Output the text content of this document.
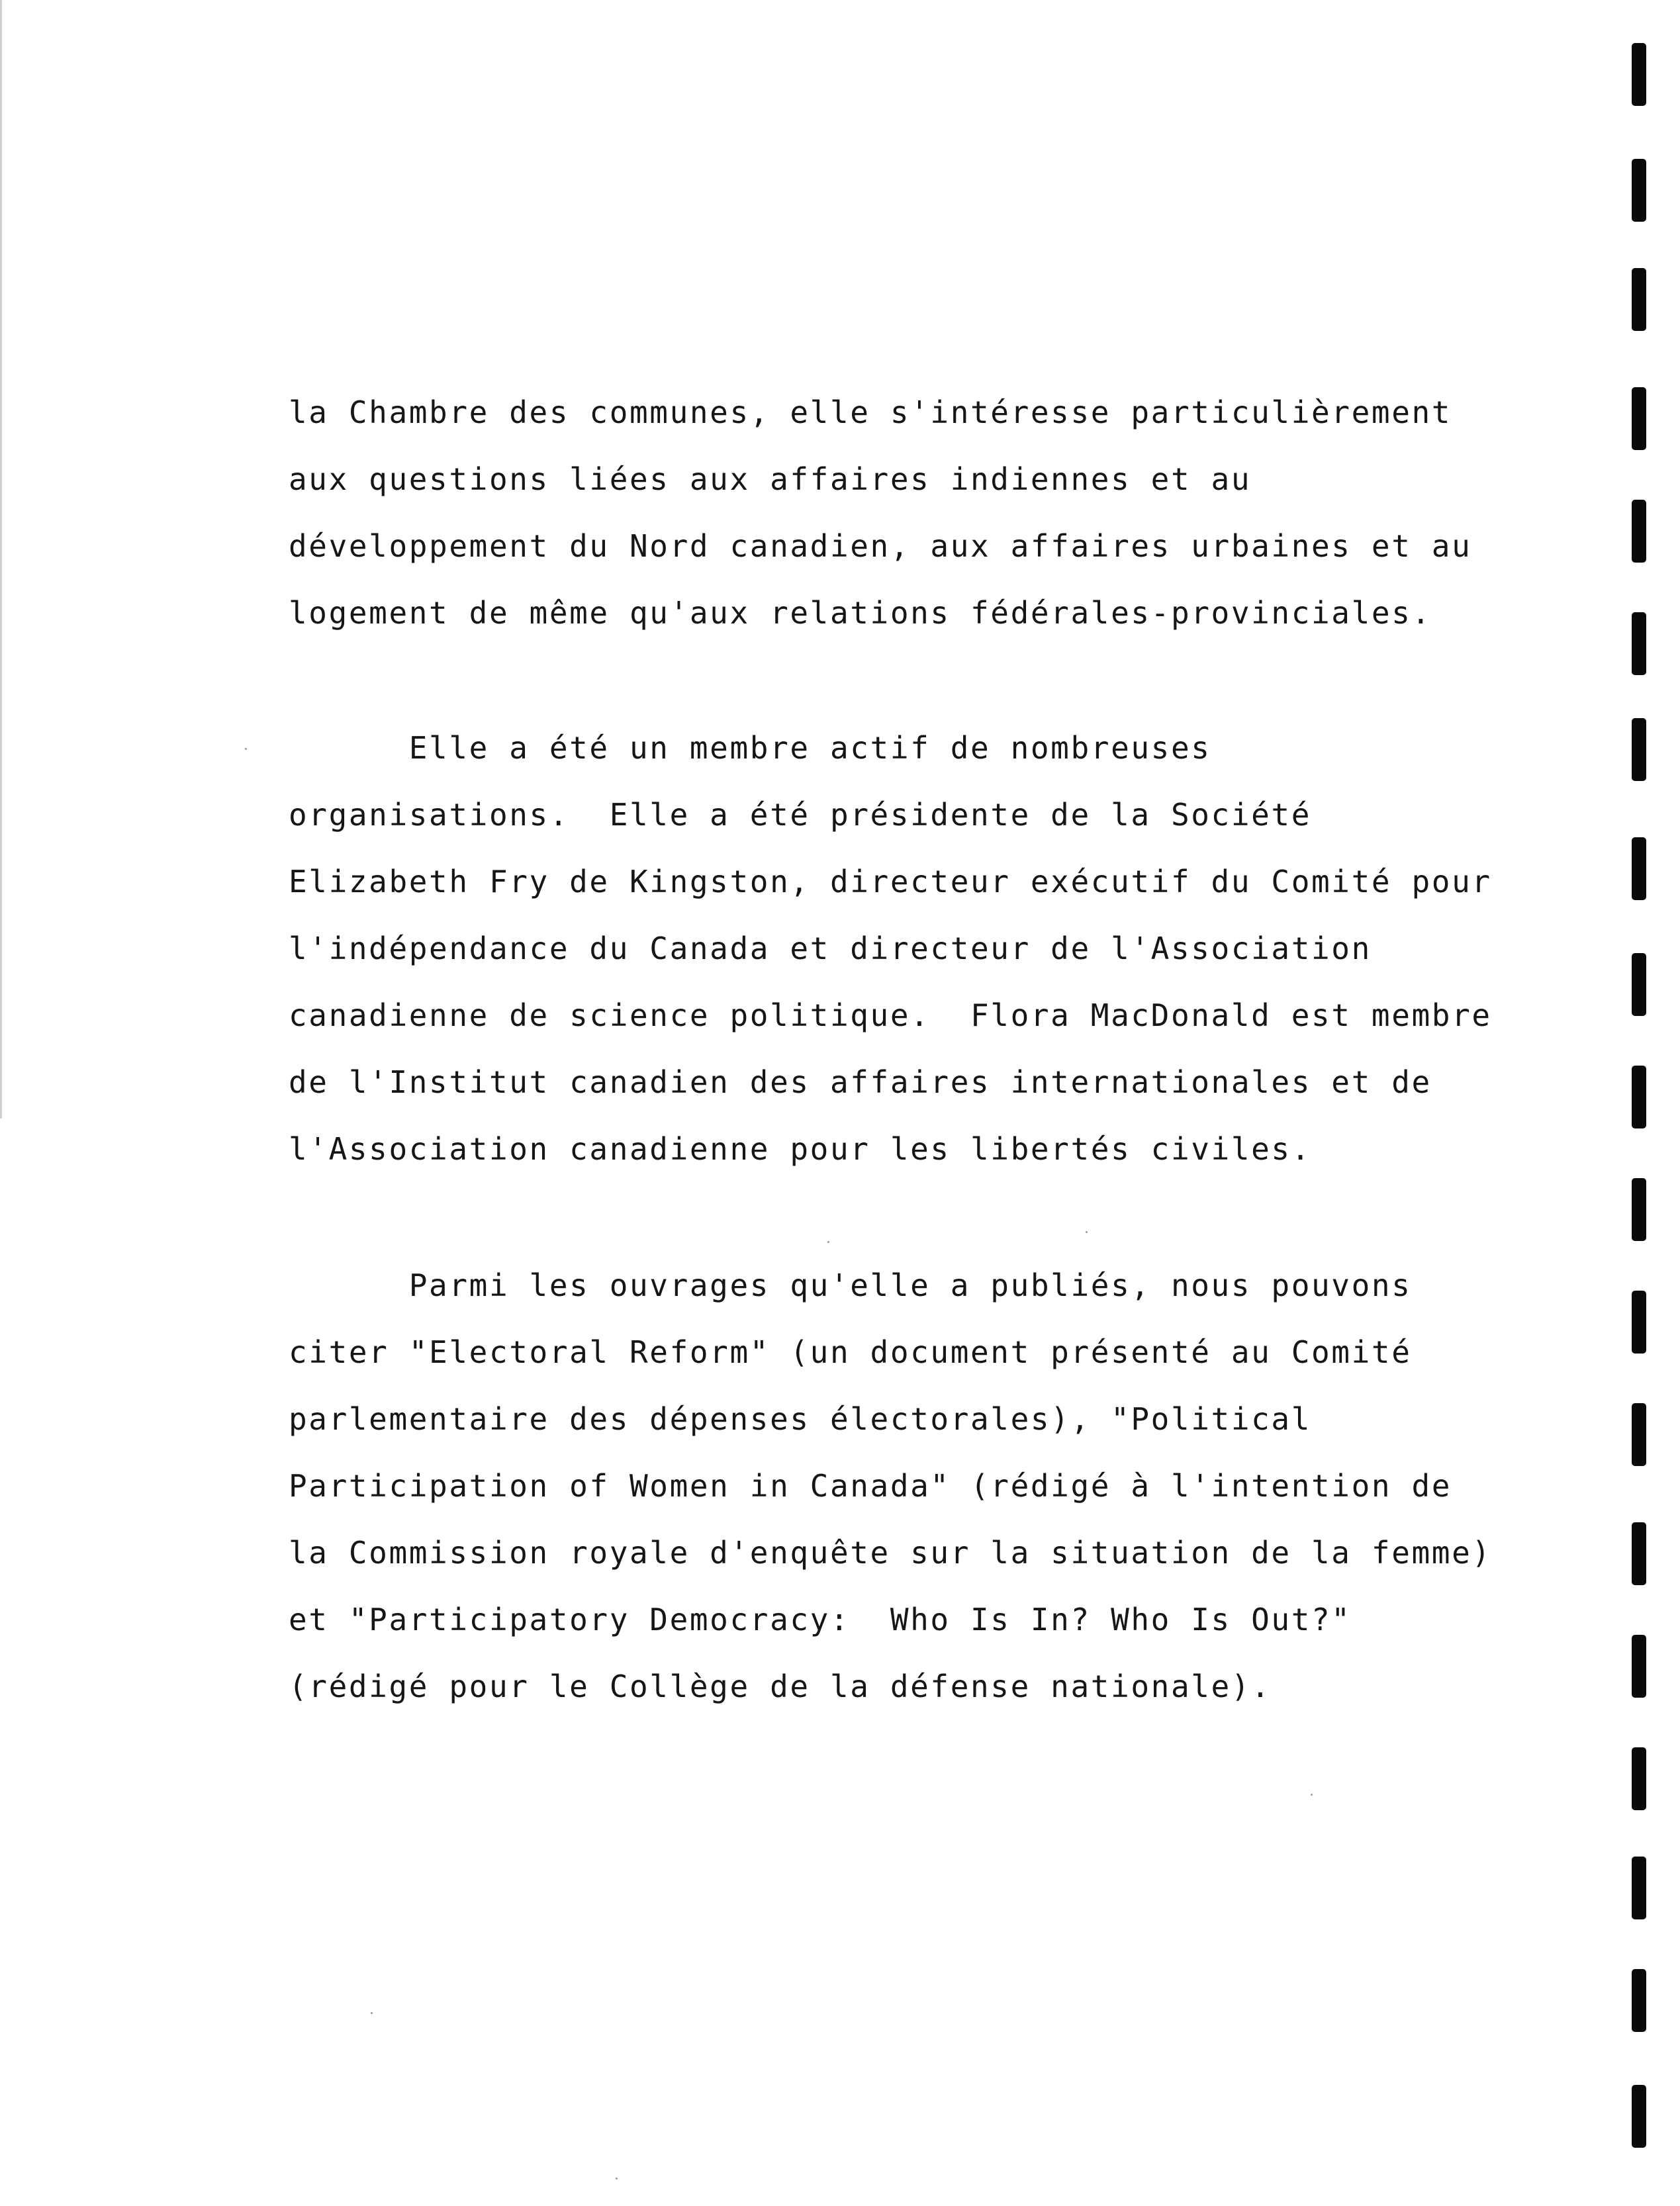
la Chambre des communes, elle s'intéresse particulièrement
aux questions liées aux affaires indiennes et au
développement du Nord canadien, aux affaires urbaines et au
logement de même qu'aux relations fédérales-provinciales.
Elle a été un membre actif de nombreuses
organisations.  Elle a été présidente de la Société
Elizabeth Fry de Kingston, directeur exécutif du Comité pour
l'indépendance du Canada et directeur de l'Association
canadienne de science politique.  Flora MacDonald est membre
de l'Institut canadien des affaires internationales et de
l'Association canadienne pour les libertés civiles.
Parmi les ouvrages qu'elle a publiés, nous pouvons
citer "Electoral Reform" (un document présenté au Comité
parlementaire des dépenses électorales), "Political
Participation of Women in Canada" (rédigé à l'intention de
la Commission royale d'enquête sur la situation de la femme)
et "Participatory Democracy:  Who Is In? Who Is Out?"
(rédigé pour le Collège de la défense nationale).
